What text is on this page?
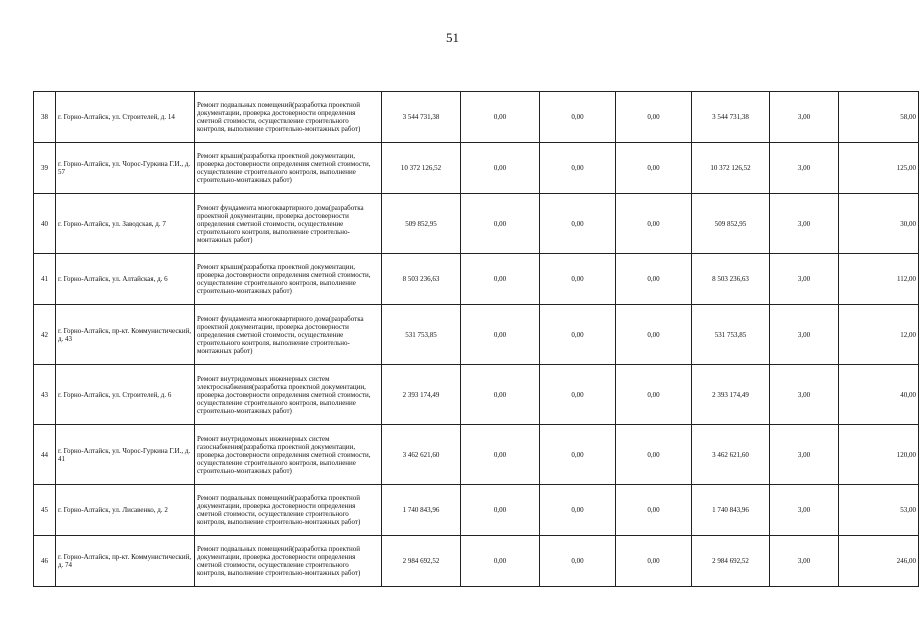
51
38	г. Горно-Алтайск, ул. Строителей, д. 14	Ремонт подвальных помещений(разработка проектной документации, проверка достоверности определения сметной стоимости, осуществление строительного контроля, выполнение строительно-монтажных работ)	3 544 731,38	0,00	0,00	0,00	3 544 731,38	3,00	58,00
39	г. Горно-Алтайск, ул. Чорос-Гуркина Г.И., д. 57	Ремонт крыши(разработка проектной документации, проверка достоверности определения сметной стоимости, осуществление строительного контроля, выполнение строительно-монтажных работ)	10 372 126,52	0,00	0,00	0,00	10 372 126,52	3,00	125,00
40	г. Горно-Алтайск, ул. Заводская, д. 7	Ремонт фундамента многоквартирного дома(разработка проектной документации, проверка достоверности определения сметной стоимости, осуществление строительного контроля, выполнение строительно-монтажных работ)	509 852,95	0,00	0,00	0,00	509 852,95	3,00	30,00
41	г. Горно-Алтайск, ул. Алтайская, д. 6	Ремонт крыши(разработка проектной документации, проверка достоверности определения сметной стоимости, осуществление строительного контроля, выполнение строительно-монтажных работ)	8 503 236,63	0,00	0,00	0,00	8 503 236,63	3,00	112,00
42	г. Горно-Алтайск, пр-кт. Коммунистический, д. 43	Ремонт фундамента многоквартирного дома(разработка проектной документации, проверка достоверности определения сметной стоимости, осуществление строительного контроля, выполнение строительно-монтажных работ)	531 753,85	0,00	0,00	0,00	531 753,85	3,00	12,00
43	г. Горно-Алтайск, ул. Строителей, д. 6	Ремонт внутридомовых инженерных систем электроснабжения(разработка проектной документации, проверка достоверности определения сметной стоимости, осуществление строительного контроля, выполнение строительно-монтажных работ)	2 393 174,49	0,00	0,00	0,00	2 393 174,49	3,00	40,00
44	г. Горно-Алтайск, ул. Чорос-Гуркина Г.И., д. 41	Ремонт внутридомовых инженерных систем газоснабжения(разработка проектной документации, проверка достоверности определения сметной стоимости, осуществление строительного контроля, выполнение строительно-монтажных работ)	3 462 621,60	0,00	0,00	0,00	3 462 621,60	3,00	120,00
45	г. Горно-Алтайск, ул. Лисавенко, д. 2	Ремонт подвальных помещений(разработка проектной документации, проверка достоверности определения сметной стоимости, осуществление строительного контроля, выполнение строительно-монтажных работ)	1 740 843,96	0,00	0,00	0,00	1 740 843,96	3,00	53,00
46	г. Горно-Алтайск, пр-кт. Коммунистический, д. 74	Ремонт подвальных помещений(разработка проектной документации, проверка достоверности определения сметной стоимости, осуществление строительного контроля, выполнение строительно-монтажных работ)	2 984 692,52	0,00	0,00	0,00	2 984 692,52	3,00	246,00
